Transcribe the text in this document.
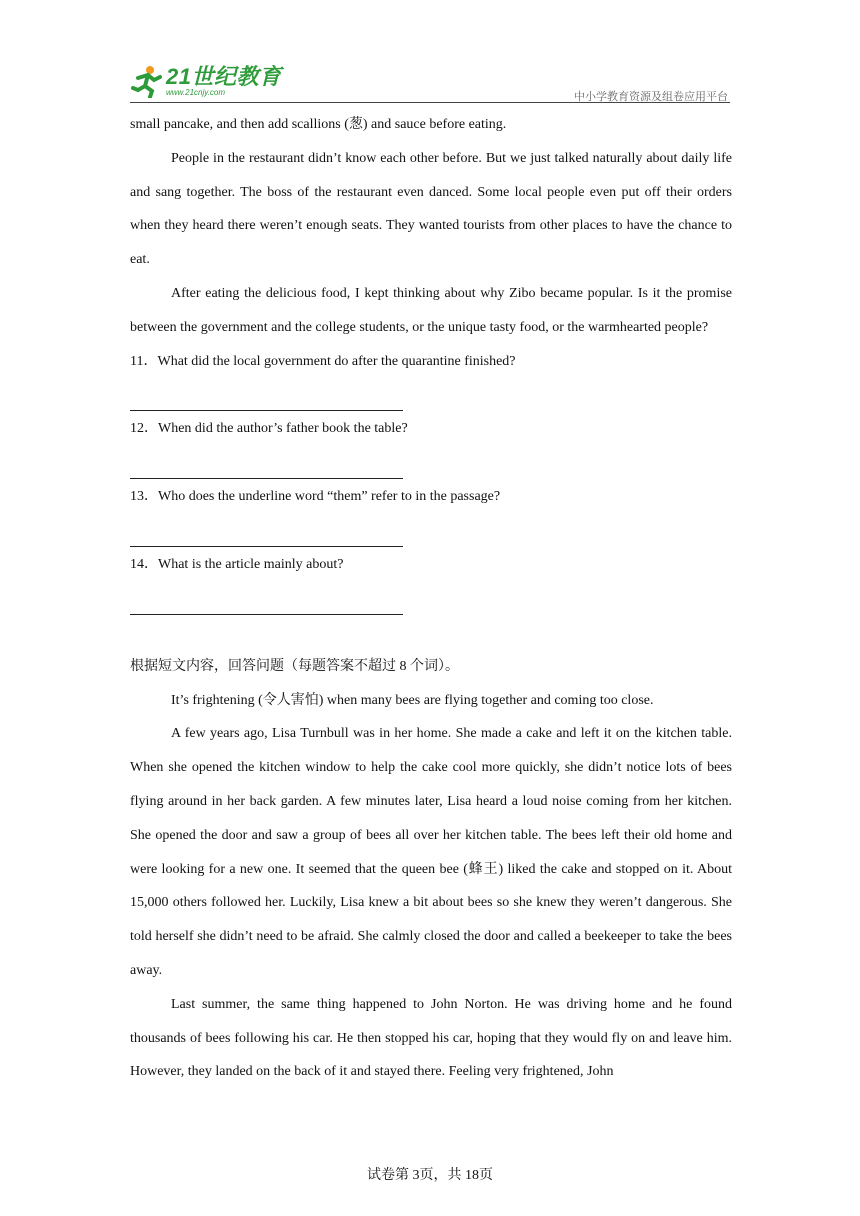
21世纪教育
www.21cnjy.com	中小学教育资源及组卷应用平台

small pancake, and then add scallions (葱) and sauce before eating.

People in the restaurant didn’t know each other before. But we just talked naturally about daily life and sang together. The boss of the restaurant even danced. Some local people even put off their orders when they heard there weren’t enough seats. They wanted tourists from other places to have the chance to eat.

After eating the delicious food, I kept thinking about why Zibo became popular. Is it the promise between the government and the college students, or the unique tasty food, or the warmhearted people?

11．What did the local government do after the quarantine finished?

12．When did the author’s father book the table?

13．Who does the underline word “them” refer to in the passage?

14．What is the article mainly about?

根据短文内容，回答问题（每题答案不超过 8 个词）。

It’s frightening (令人害怕) when many bees are flying together and coming too close.

A few years ago, Lisa Turnbull was in her home. She made a cake and left it on the kitchen table. When she opened the kitchen window to help the cake cool more quickly, she didn’t notice lots of bees flying around in her back garden. A few minutes later, Lisa heard a loud noise coming from her kitchen. She opened the door and saw a group of bees all over her kitchen table. The bees left their old home and were looking for a new one. It seemed that the queen bee (蜂王) liked the cake and stopped on it. About 15,000 others followed her. Luckily, Lisa knew a bit about bees so she knew they weren’t dangerous. She told herself she didn’t need to be afraid. She calmly closed the door and called a beekeeper to take the bees away.

Last summer, the same thing happened to John Norton. He was driving home and he found thousands of bees following his car. He then stopped his car, hoping that they would fly on and leave him. However, they landed on the back of it and stayed there. Feeling very frightened, John

试卷第 3页，共 18页
